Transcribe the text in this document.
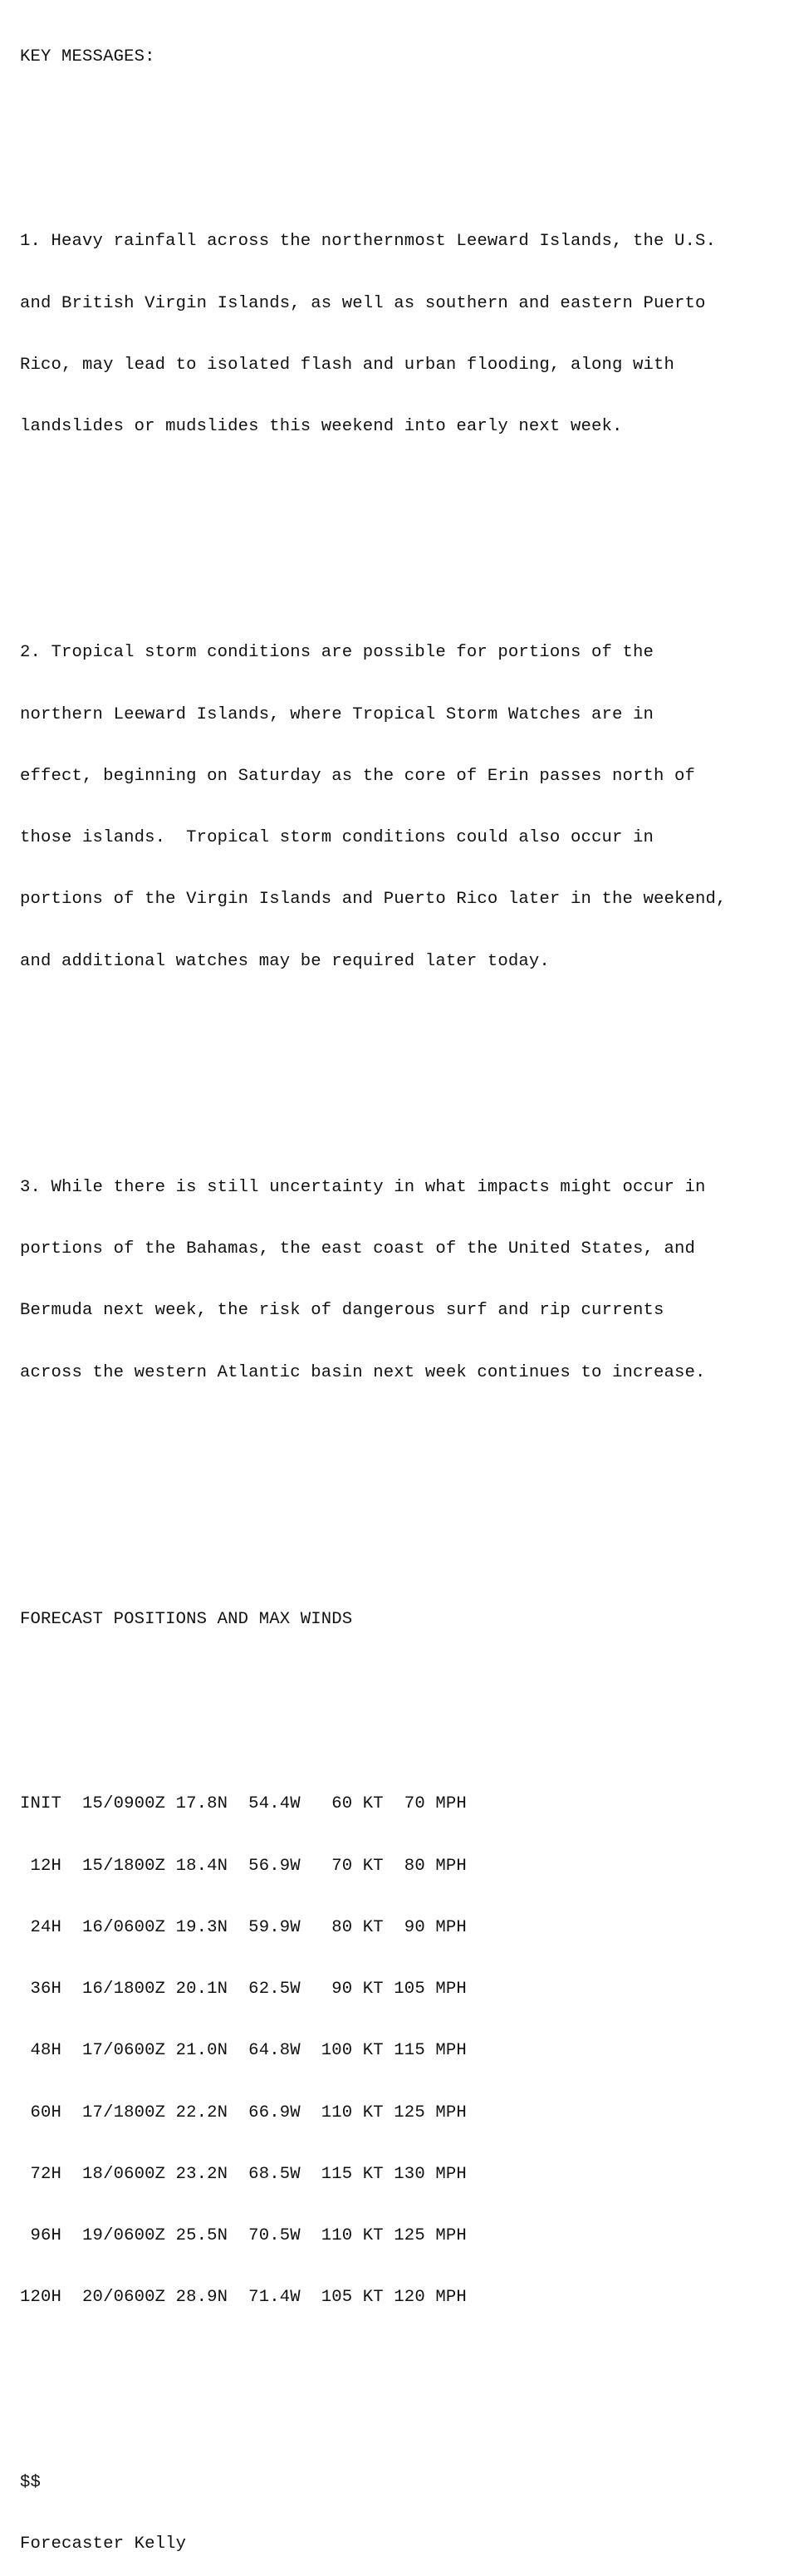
KEY MESSAGES:

1. Heavy rainfall across the northernmost Leeward Islands, the U.S.

and British Virgin Islands, as well as southern and eastern Puerto

Rico, may lead to isolated flash and urban flooding, along with

landslides or mudslides this weekend into early next week.

2. Tropical storm conditions are possible for portions of the

northern Leeward Islands, where Tropical Storm Watches are in

effect, beginning on Saturday as the core of Erin passes north of

those islands.  Tropical storm conditions could also occur in

portions of the Virgin Islands and Puerto Rico later in the weekend,

and additional watches may be required later today.

3. While there is still uncertainty in what impacts might occur in

portions of the Bahamas, the east coast of the United States, and

Bermuda next week, the risk of dangerous surf and rip currents

across the western Atlantic basin next week continues to increase.

FORECAST POSITIONS AND MAX WINDS

INIT  15/0900Z 17.8N  54.4W   60 KT  70 MPH

12H  15/1800Z 18.4N  56.9W   70 KT  80 MPH

24H  16/0600Z 19.3N  59.9W   80 KT  90 MPH

36H  16/1800Z 20.1N  62.5W   90 KT 105 MPH

48H  17/0600Z 21.0N  64.8W  100 KT 115 MPH

60H  17/1800Z 22.2N  66.9W  110 KT 125 MPH

72H  18/0600Z 23.2N  68.5W  115 KT 130 MPH

96H  19/0600Z 25.5N  70.5W  110 KT 125 MPH

120H  20/0600Z 28.9N  71.4W  105 KT 120 MPH

$$

Forecaster Kelly
